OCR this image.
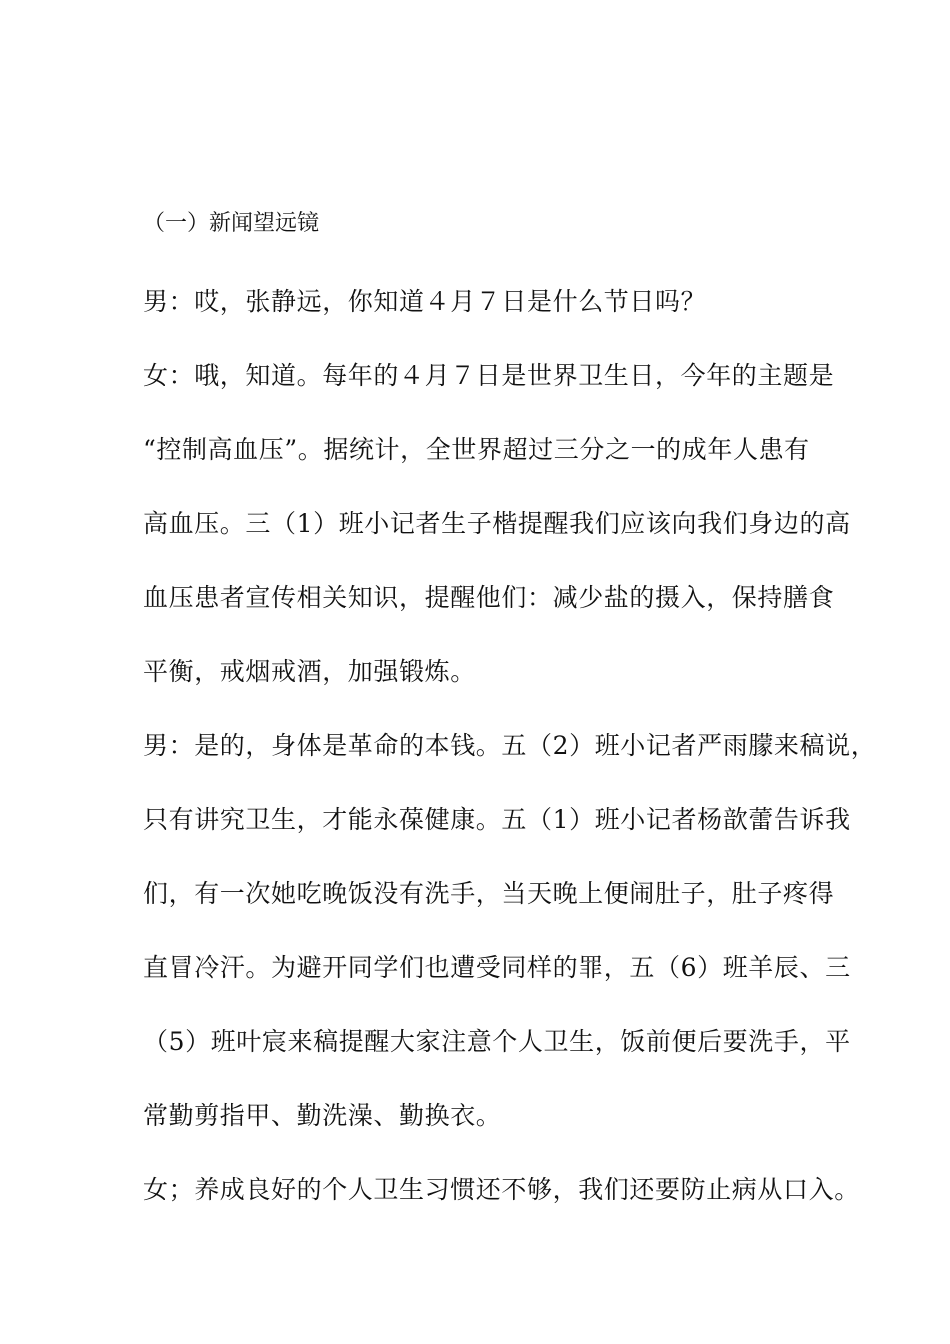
（一）新闻望远镜
男：哎，张静远，你知道４月７日是什么节日吗？
女：哦，知道。每年的４月７日是世界卫生日，今年的主题是
“控制高血压”。据统计，全世界超过三分之一的成年人患有
高血压。三（1）班小记者生子楷提醒我们应该向我们身边的高
血压患者宣传相关知识，提醒他们：减少盐的摄入，保持膳食
平衡，戒烟戒酒，加强锻炼。
男：是的，身体是革命的本钱。五（2）班小记者严雨朦来稿说，
只有讲究卫生，才能永葆健康。五（1）班小记者杨歆蕾告诉我
们，有一次她吃晚饭没有洗手，当天晚上便闹肚子，肚子疼得
直冒冷汗。为避开同学们也遭受同样的罪，五（6）班羊辰、三
（5）班叶宸来稿提醒大家注意个人卫生，饭前便后要洗手，平
常勤剪指甲、勤洗澡、勤换衣。
女；养成良好的个人卫生习惯还不够，我们还要防止病从口入。
